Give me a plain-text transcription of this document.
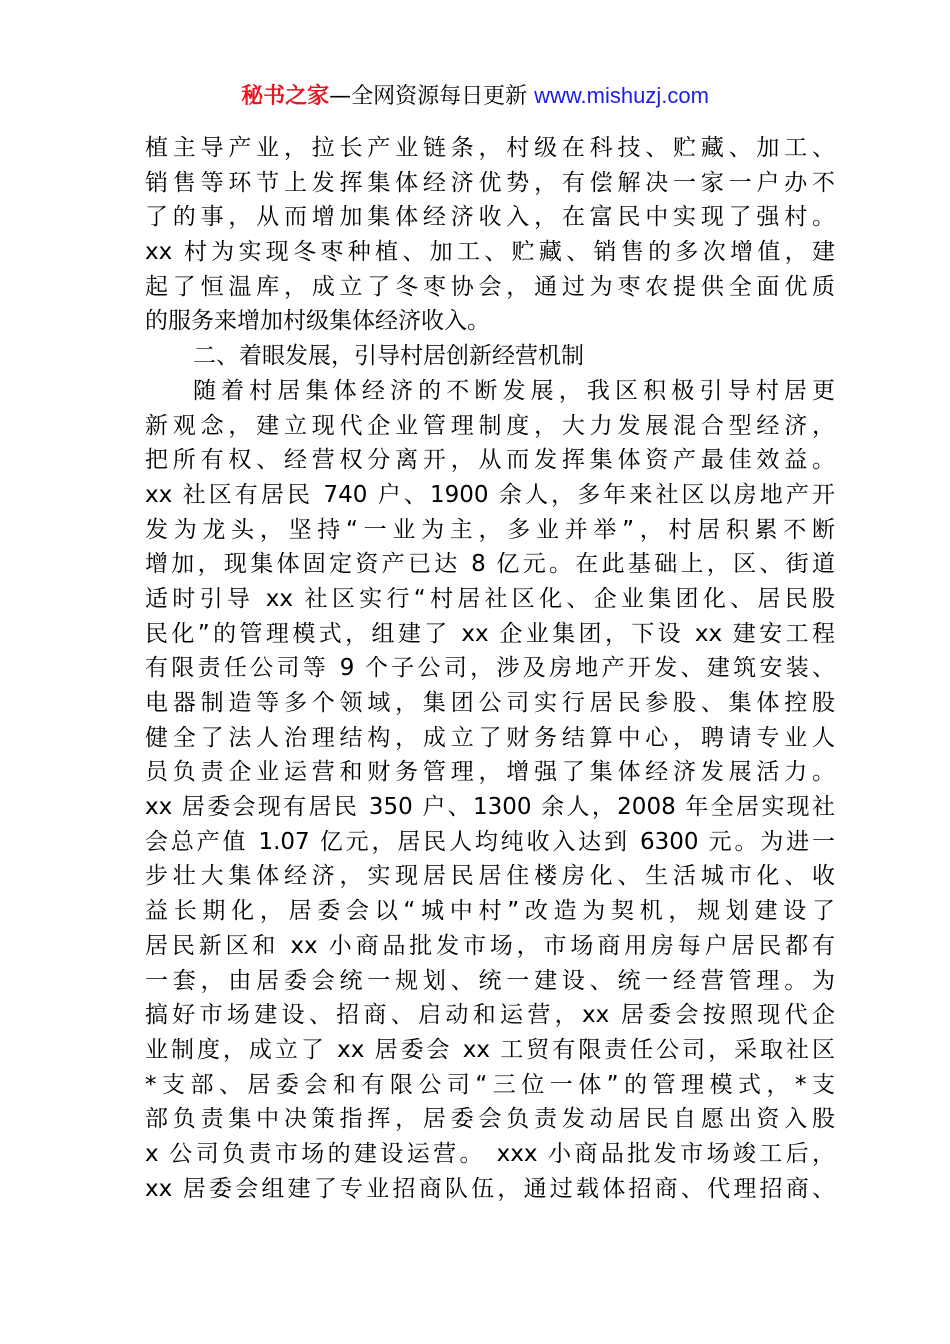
秘书之家—全网资源每日更新 www.mishuzj.com
植主导产业，拉长产业链条，村级在科技、贮藏、加工、
销售等环节上发挥集体经济优势，有偿解决一家一户办不
了的事，从而增加集体经济收入，在富民中实现了强村。
xx 村为实现冬枣种植、加工、贮藏、销售的多次增值，建
起了恒温库，成立了冬枣协会，通过为枣农提供全面优质
的服务来增加村级集体经济收入。
二、着眼发展，引导村居创新经营机制
随着村居集体经济的不断发展，我区积极引导村居更
新观念，建立现代企业管理制度，大力发展混合型经济，
把所有权、经营权分离开，从而发挥集体资产最佳效益。
xx 社区有居民 740 户、1900 余人，多年来社区以房地产开
发为龙头，坚持“一业为主，多业并举”，村居积累不断
增加，现集体固定资产已达 8 亿元。在此基础上，区、街道
适时引导 xx 社区实行“村居社区化、企业集团化、居民股
民化”的管理模式，组建了 xx 企业集团，下设 xx 建安工程
有限责任公司等 9 个子公司，涉及房地产开发、建筑安装、
电器制造等多个领域，集团公司实行居民参股、集体控股
健全了法人治理结构，成立了财务结算中心，聘请专业人
员负责企业运营和财务管理，增强了集体经济发展活力。
xx 居委会现有居民 350 户、1300 余人，2008 年全居实现社
会总产值 1.07 亿元，居民人均纯收入达到 6300 元。为进一
步壮大集体经济，实现居民居住楼房化、生活城市化、收
益长期化，居委会以“城中村”改造为契机，规划建设了
居民新区和 xx 小商品批发市场，市场商用房每户居民都有
一套，由居委会统一规划、统一建设、统一经营管理。为
搞好市场建设、招商、启动和运营，xx 居委会按照现代企
业制度，成立了 xx 居委会 xx 工贸有限责任公司，采取社区
*支部、居委会和有限公司“三位一体”的管理模式，*支
部负责集中决策指挥，居委会负责发动居民自愿出资入股
x 公司负责市场的建设运营。 xxx 小商品批发市场竣工后，
xx 居委会组建了专业招商队伍，通过载体招商、代理招商、
